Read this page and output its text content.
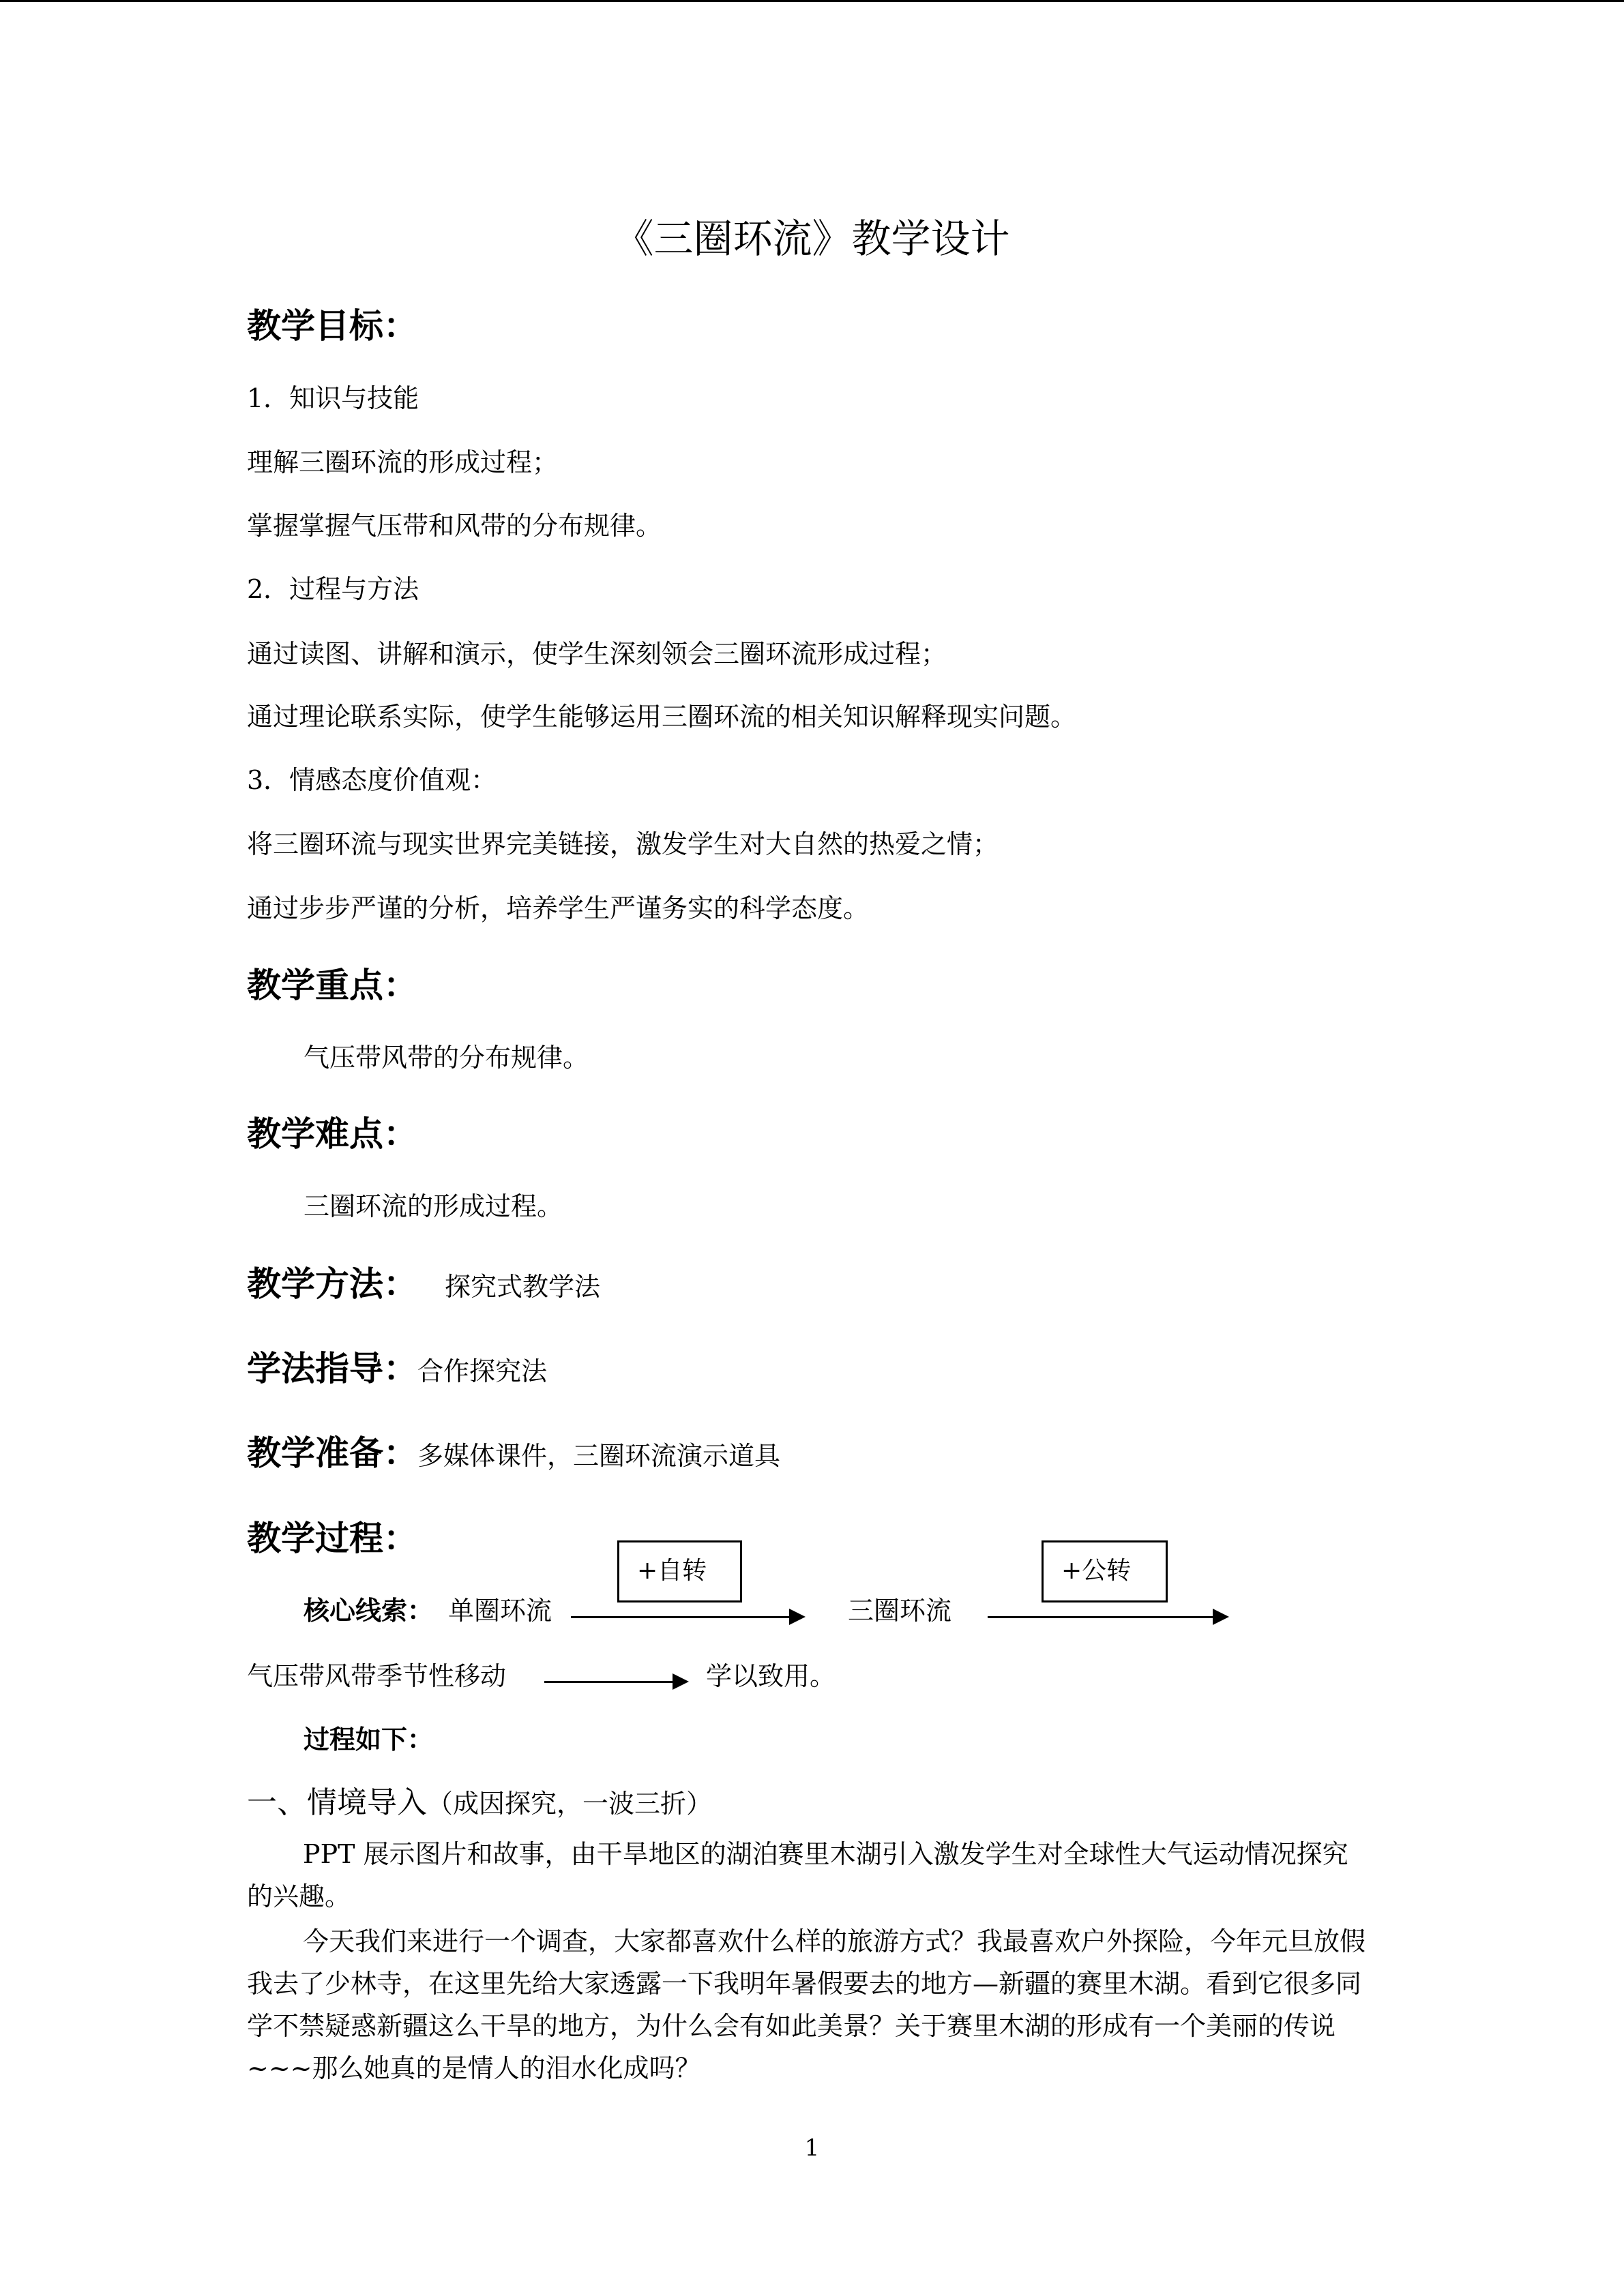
《三圈环流》教学设计
教学目标：
1．知识与技能
理解三圈环流的形成过程；
掌握掌握气压带和风带的分布规律。
2．过程与方法
通过读图、讲解和演示，使学生深刻领会三圈环流形成过程；
通过理论联系实际，使学生能够运用三圈环流的相关知识解释现实问题。
3．情感态度价值观：
将三圈环流与现实世界完美链接，激发学生对大自然的热爱之情；
通过步步严谨的分析，培养学生严谨务实的科学态度。
教学重点：
气压带风带的分布规律。
教学难点：
三圈环流的形成过程。
教学方法： 探究式教学法
学法指导：合作探究法
教学准备：多媒体课件，三圈环流演示道具
教学过程：
+自转	+公转
核心线索： 单圈环流	三圈环流
气压带风带季节性移动	学以致用。
过程如下：
一、情境导入（成因探究，一波三折）
PPT 展示图片和故事，由干旱地区的湖泊赛里木湖引入激发学生对全球性大气运动情况探究的兴趣。
今天我们来进行一个调查，大家都喜欢什么样的旅游方式？我最喜欢户外探险，今年元旦放假我去了少林寺，在这里先给大家透露一下我明年暑假要去的地方—新疆的赛里木湖。看到它很多同学不禁疑惑新疆这么干旱的地方，为什么会有如此美景？关于赛里木湖的形成有一个美丽的传说~~~那么她真的是情人的泪水化成吗？
1
